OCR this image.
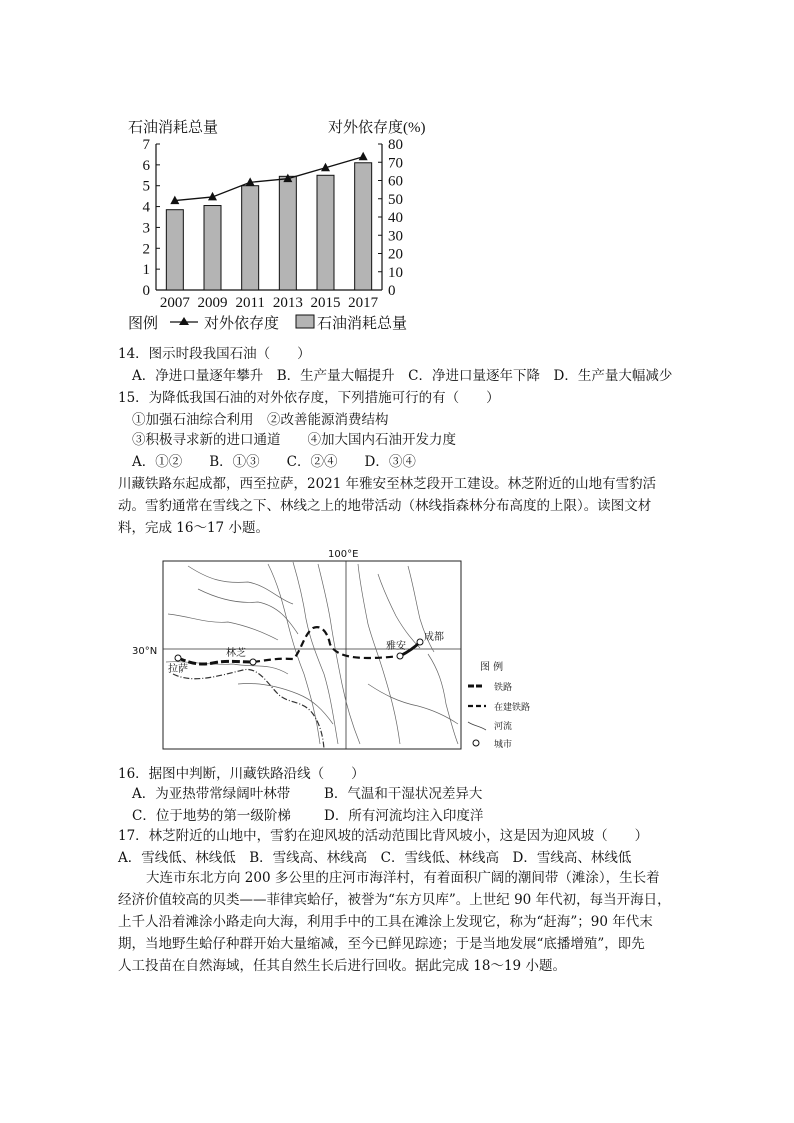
石油消耗总量	对外依存度(%)
0
1
2
3
4
5
6
7
0
10
20
30
40
50
60
70
80
2007 2009 2011 2013 2015 2017
图例	对外依存度	石油消耗总量
14．图示时段我国石油（　　）
A．净进口量逐年攀升　B．生产量大幅提升　C．净进口量逐年下降　D．生产量大幅减少
15．为降低我国石油的对外依存度，下列措施可行的有（　　）
①加强石油综合利用　②改善能源消费结构
③积极寻求新的进口通道　　④加大国内石油开发力度
A．①②　　B．①③　　C．②④　　D．③④
川藏铁路东起成都，西至拉萨，2021 年雅安至林芝段开工建设。林芝附近的山地有雪豹活
动。雪豹通常在雪线之下、林线之上的地带活动（林线指森林分布高度的上限）。读图文材
料，完成 16～17 小题。
100°E
30°N
拉萨
林芝
雅安
成都
图 例
铁路
在建铁路
河流
城市
16．据图中判断，川藏铁路沿线（　　）
A．为亚热带常绿阔叶林带	B．气温和干湿状况差异大
C．位于地势的第一级阶梯 D．所有河流均注入印度洋
17．林芝附近的山地中，雪豹在迎风坡的活动范围比背风坡小，这是因为迎风坡（　　）
A．雪线低、林线低　B．雪线高、林线高　C．雪线低、林线高　D．雪线高、林线低
大连市东北方向 200 多公里的庄河市海洋村，有着面积广阔的潮间带（滩涂），生长着
经济价值较高的贝类——菲律宾蛤仔，被誉为“东方贝库”。上世纪 90 年代初，每当开海日，
上千人沿着滩涂小路走向大海，利用手中的工具在滩涂上发现它，称为“赶海”；90 年代末
期，当地野生蛤仔种群开始大量缩减，至今已鲜见踪迹；于是当地发展“底播增殖”，即先
人工投苗在自然海域，任其自然生长后进行回收。据此完成 18～19 小题。
